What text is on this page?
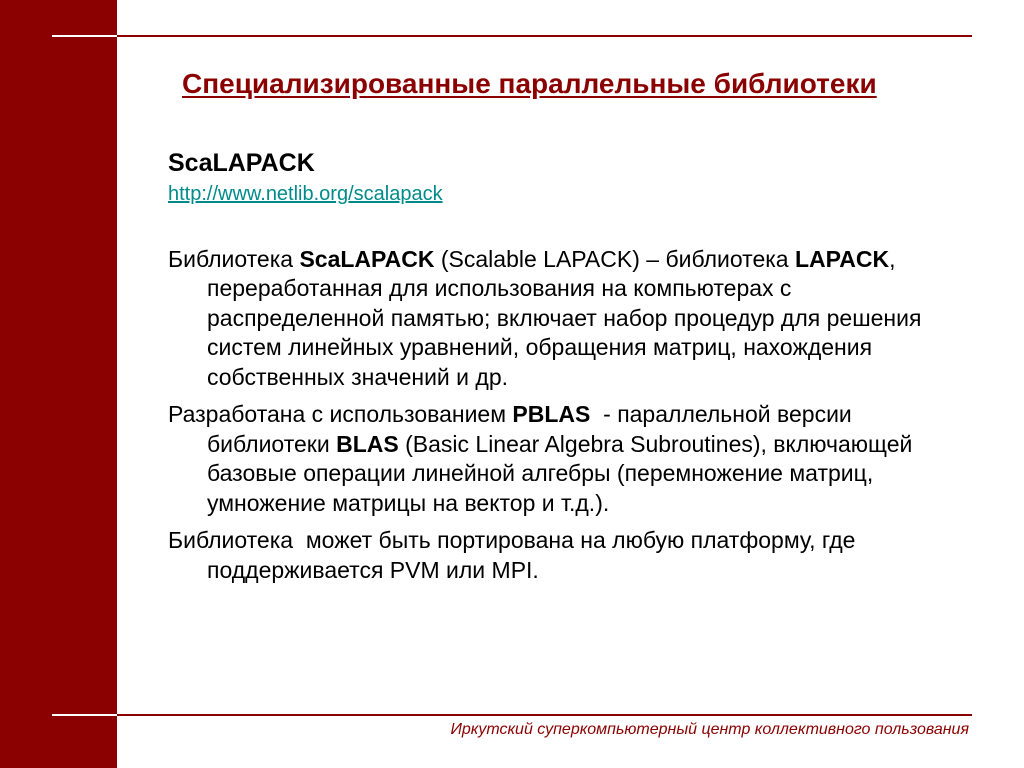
Специализированные параллельные библиотеки
ScaLAPACK
http://www.netlib.org/scalapack

Библиотека ScaLAPACK (Scalable LAPACK) – библиотека LAPACK, переработанная для использования на компьютерах с распределенной памятью; включает набор процедур для решения систем линейных уравнений, обращения матриц, нахождения собственных значений и др.

Разработана с использованием PBLAS  - параллельной версии библиотеки BLAS (Basic Linear Algebra Subroutines), включающей базовые операции линейной алгебры (перемножение матриц, умножение матрицы на вектор и т.д.).

Библиотека  может быть портирована на любую платформу, где поддерживается PVM или MPI.

Иркутский суперкомпьютерный центр коллективного пользования
